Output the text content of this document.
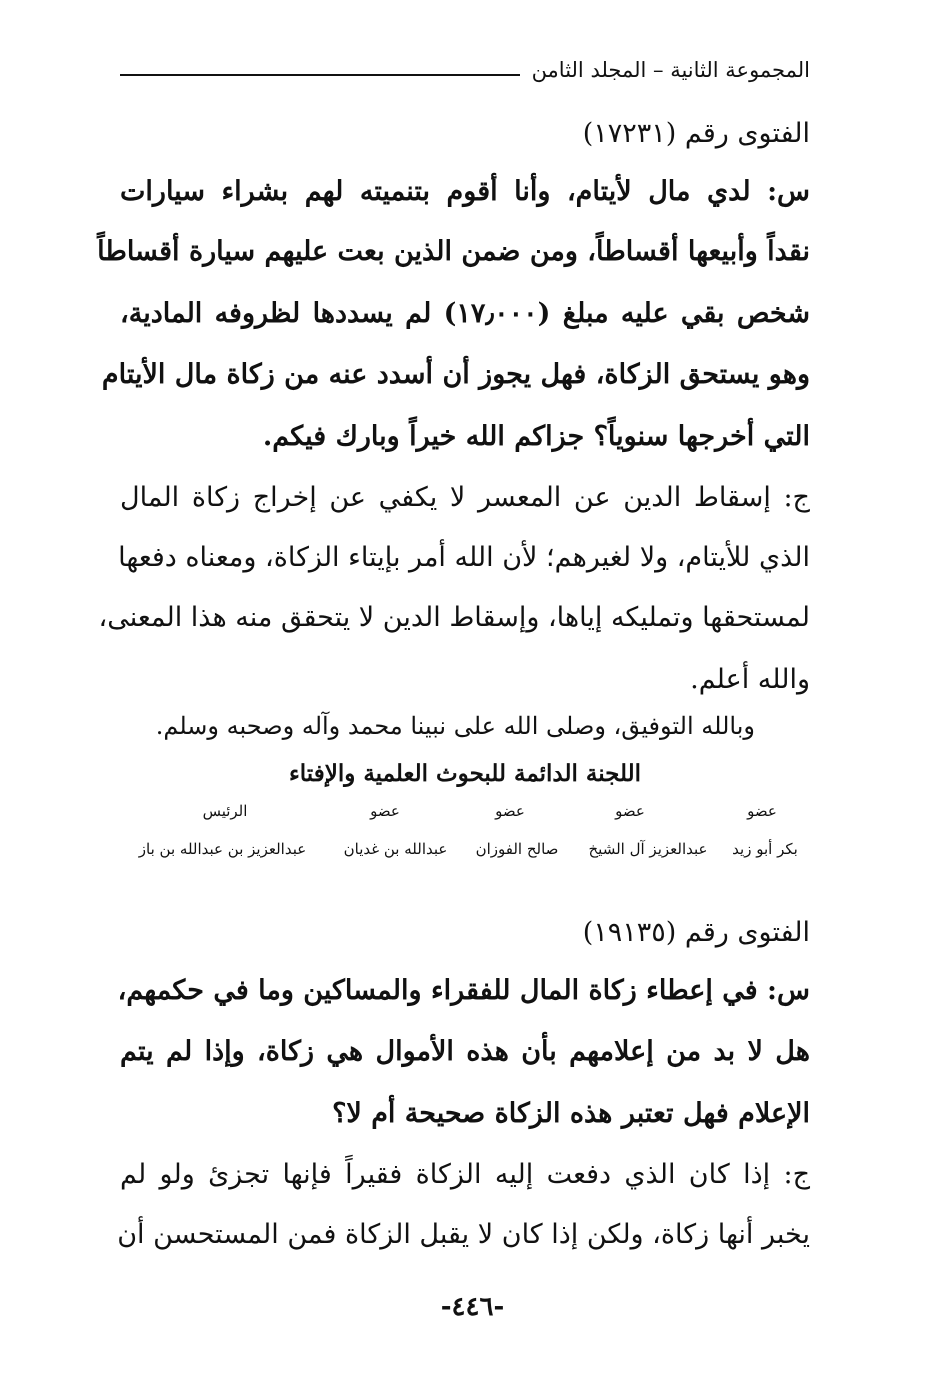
المجموعة الثانية – المجلد الثامن
الفتوى رقم (١٧٢٣١)
س: لدي مال لأيتام، وأنا أقوم بتنميته لهم بشراء سيارات
نقداً وأبيعها أقساطاً، ومن ضمن الذين بعت عليهم سيارة أقساطاً
شخص بقي عليه مبلغ (١٧٫٠٠٠) لم يسددها لظروفه المادية،
وهو يستحق الزكاة، فهل يجوز أن أسدد عنه من زكاة مال الأيتام
التي أخرجها سنوياً؟ جزاكم الله خيراً وبارك فيكم.
ج: إسقاط الدين عن المعسر لا يكفي عن إخراج زكاة المال
الذي للأيتام، ولا لغيرهم؛ لأن الله أمر بإيتاء الزكاة، ومعناه دفعها
لمستحقها وتمليكه إياها، وإسقاط الدين لا يتحقق منه هذا المعنى،
والله أعلم.
وبالله التوفيق، وصلى الله على نبينا محمد وآله وصحبه وسلم.
اللجنة الدائمة للبحوث العلمية والإفتاء
عضو
عضو
عضو
عضو
الرئيس
بكر أبو زيد
عبدالعزيز آل الشيخ
صالح الفوزان
عبدالله بن غديان
عبدالعزيز بن عبدالله بن باز
الفتوى رقم (١٩١٣٥)
س: في إعطاء زكاة المال للفقراء والمساكين وما في حكمهم،
هل لا بد من إعلامهم بأن هذه الأموال هي زكاة، وإذا لم يتم
الإعلام فهل تعتبر هذه الزكاة صحيحة أم لا؟
ج: إذا كان الذي دفعت إليه الزكاة فقيراً فإنها تجزئ ولو لم
يخبر أنها زكاة، ولكن إذا كان لا يقبل الزكاة فمن المستحسن أن
-٤٤٦-
